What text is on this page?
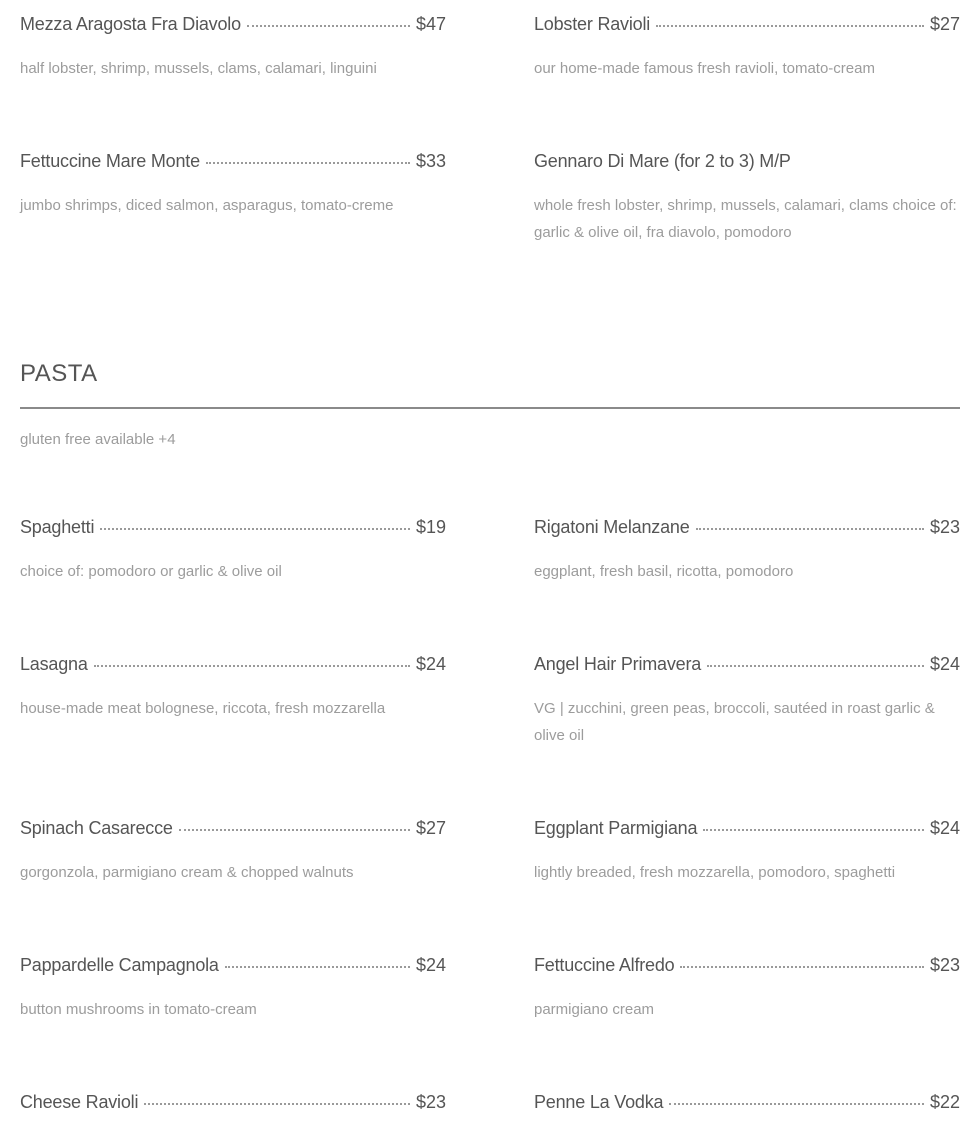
Mezza Aragosta Fra Diavolo	$47
half lobster, shrimp, mussels, clams, calamari, linguini
Lobster Ravioli	$27
our home-made famous fresh ravioli, tomato-cream
Fettuccine Mare Monte	$33
jumbo shrimps, diced salmon, asparagus, tomato-creme
Gennaro Di Mare (for 2 to 3) M/P
whole fresh lobster, shrimp, mussels, calamari, clams choice of: garlic & olive oil, fra diavolo, pomodoro
PASTA
gluten free available +4
Spaghetti	$19
choice of: pomodoro or garlic & olive oil
Rigatoni Melanzane	$23
eggplant, fresh basil, ricotta, pomodoro
Lasagna	$24
house-made meat bolognese, riccota, fresh mozzarella
Angel Hair Primavera	$24
VG | zucchini, green peas, broccoli, sautéed in roast garlic & olive oil
Spinach Casarecce	$27
gorgonzola, parmigiano cream & chopped walnuts
Eggplant Parmigiana	$24
lightly breaded, fresh mozzarella, pomodoro, spaghetti
Pappardelle Campagnola	$24
button mushrooms in tomato-cream
Fettuccine Alfredo	$23
parmigiano cream
Cheese Ravioli	$23	Penne La Vodka	$22
